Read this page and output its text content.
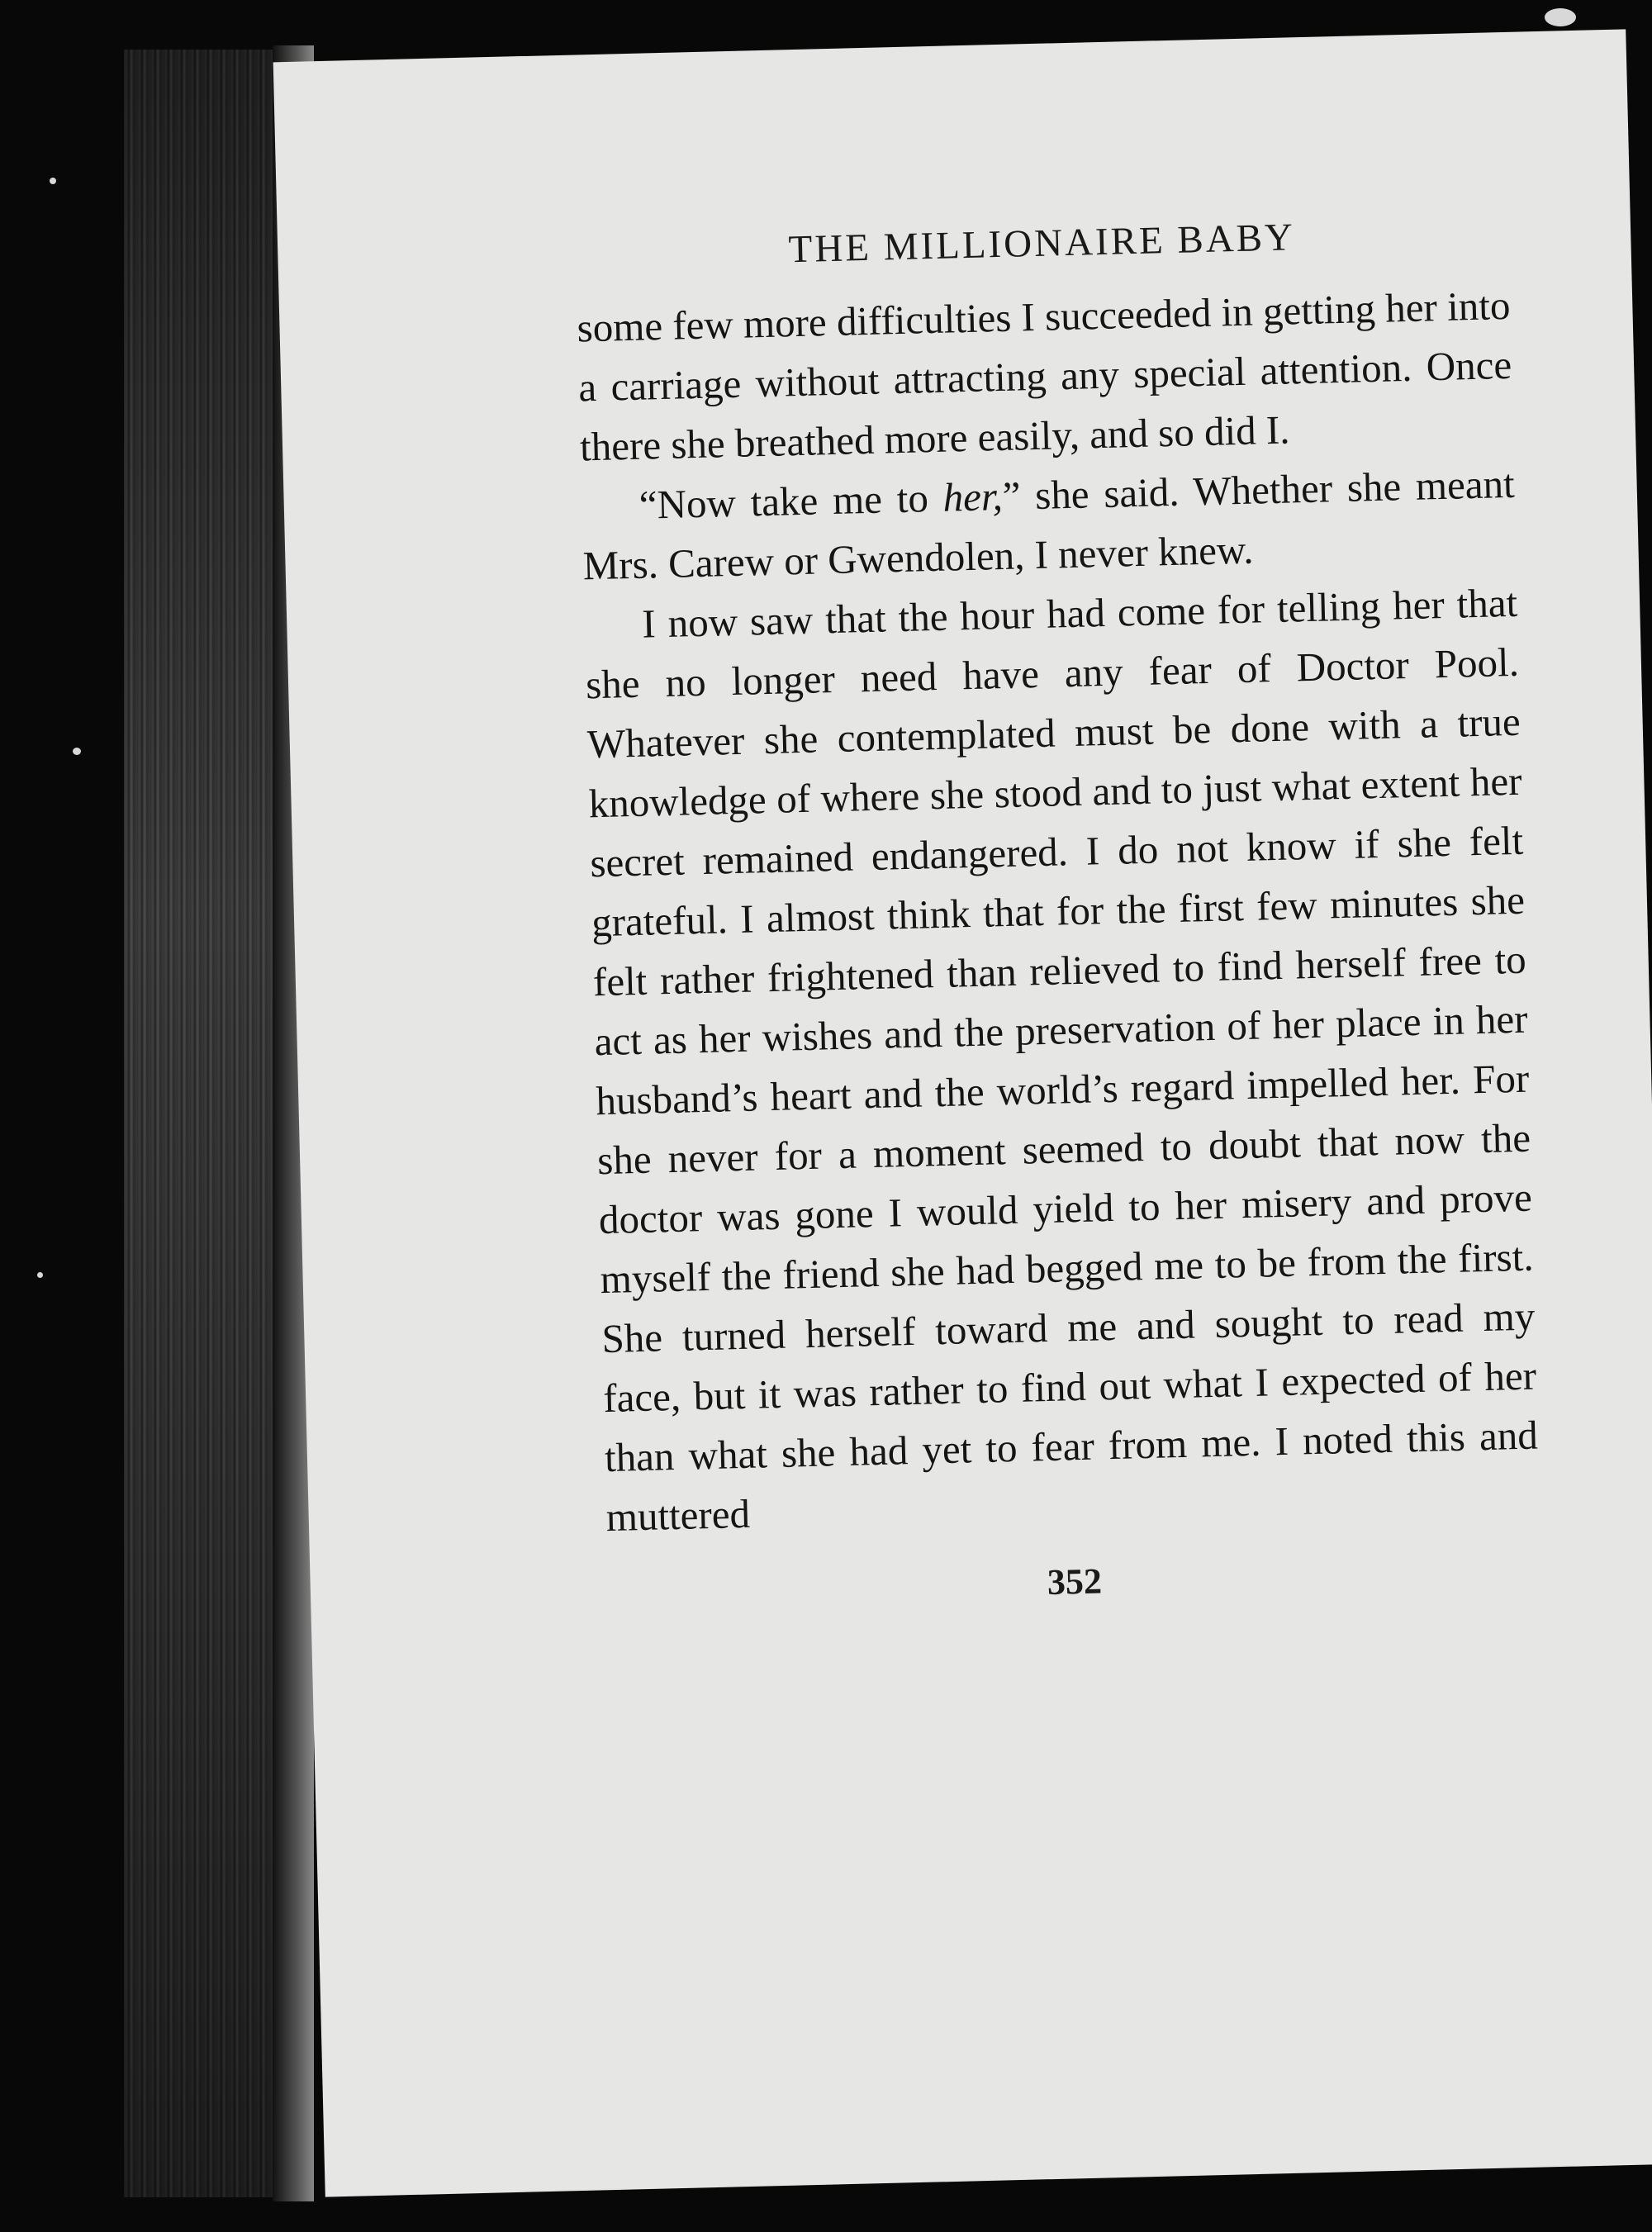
THE MILLIONAIRE BABY

some few more difficulties I succeeded in getting her into a carriage without attracting any special attention. Once there she breathed more easily, and so did I.

“Now take me to her,” she said. Whether she meant Mrs. Carew or Gwendolen, I never knew.

I now saw that the hour had come for telling her that she no longer need have any fear of Doctor Pool. Whatever she contemplated must be done with a true knowledge of where she stood and to just what extent her secret remained endangered. I do not know if she felt grateful. I almost think that for the first few minutes she felt rather frightened than relieved to find herself free to act as her wishes and the preservation of her place in her husband’s heart and the world’s regard impelled her. For she never for a moment seemed to doubt that now the doctor was gone I would yield to her misery and prove myself the friend she had begged me to be from the first. She turned herself toward me and sought to read my face, but it was rather to find out what I expected of her than what she had yet to fear from me. I noted this and muttered

352
